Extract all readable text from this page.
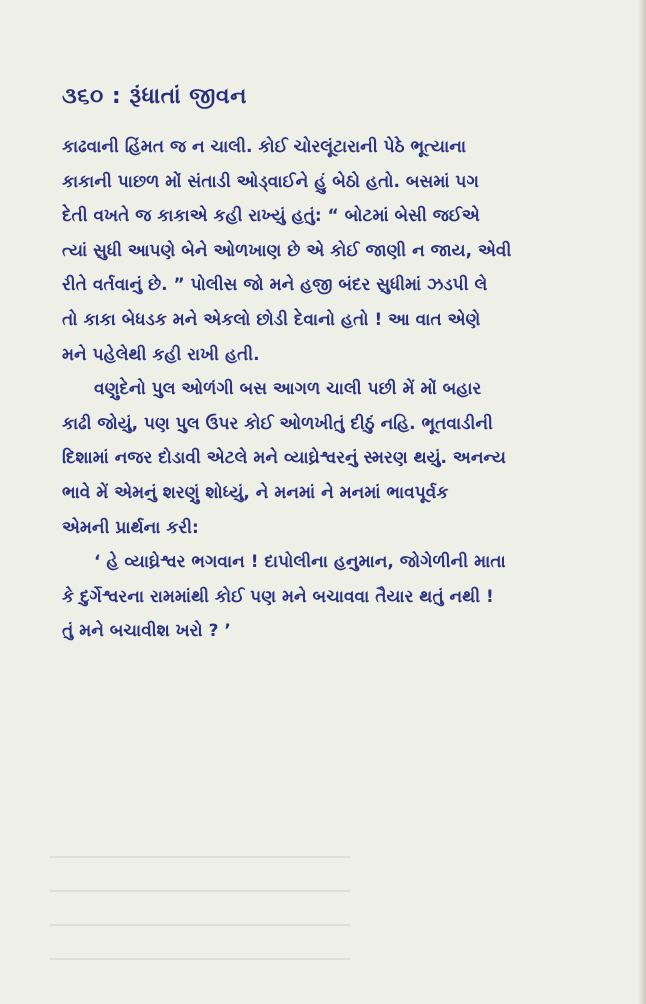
૩૬૦ : રૂંધાતાં જીવન

કાઢવાની હિંમત જ ન ચાલી. કોઈ ચોરલૂંટારાની પેઠે ભૂત્યાના
કાકાની પાછળ મોં સંતાડી ઓડ્વાઈને હું બેઠો હતો. બસમાં પગ
દેતી વખતે જ કાકાએ કહી રાખ્યું હતું: “ બોટમાં બેસી જઈએ
ત્યાં સુધી આપણે બેને ઓળખાણ છે એ કોઈ જાણી ન જાય, એવી
રીતે વર્તવાનું છે. ” પોલીસ જો મને હજી બંદર સુધીમાં ઝડપી લે
તો કાકા બેધડક મને એકલો છોડી દેવાનો હતો ! આ વાત એણે
મને પહેલેથી કહી રાખી હતી.

વણુદેનો પુલ ઓળંગી બસ આગળ ચાલી પછી મેં મોં બહાર
કાઢી જોયું, પણ પુલ ઉપર કોઈ ઓળખીતું દીઠું નહિ. ભૂતવાડીની
દિશામાં નજર દોડાવી એટલે મને વ્યાઘ્રેશ્વરનું સ્મરણ થયું. અનન્ય
ભાવે મેં એમનું શરણું શોધ્યું, ને મનમાં ને મનમાં ભાવપૂર્વક
એમની પ્રાર્થના કરી:

‘ હે વ્યાઘ્રેશ્વર ભગવાન ! દાપોલીના હનુમાન, જોગેળીની માતા
કે દુર્ગેશ્વરના રામમાંથી કોઈ પણ મને બચાવવા તૈયાર થતું નથી !
તું મને બચાવીશ ખરો ? ’
